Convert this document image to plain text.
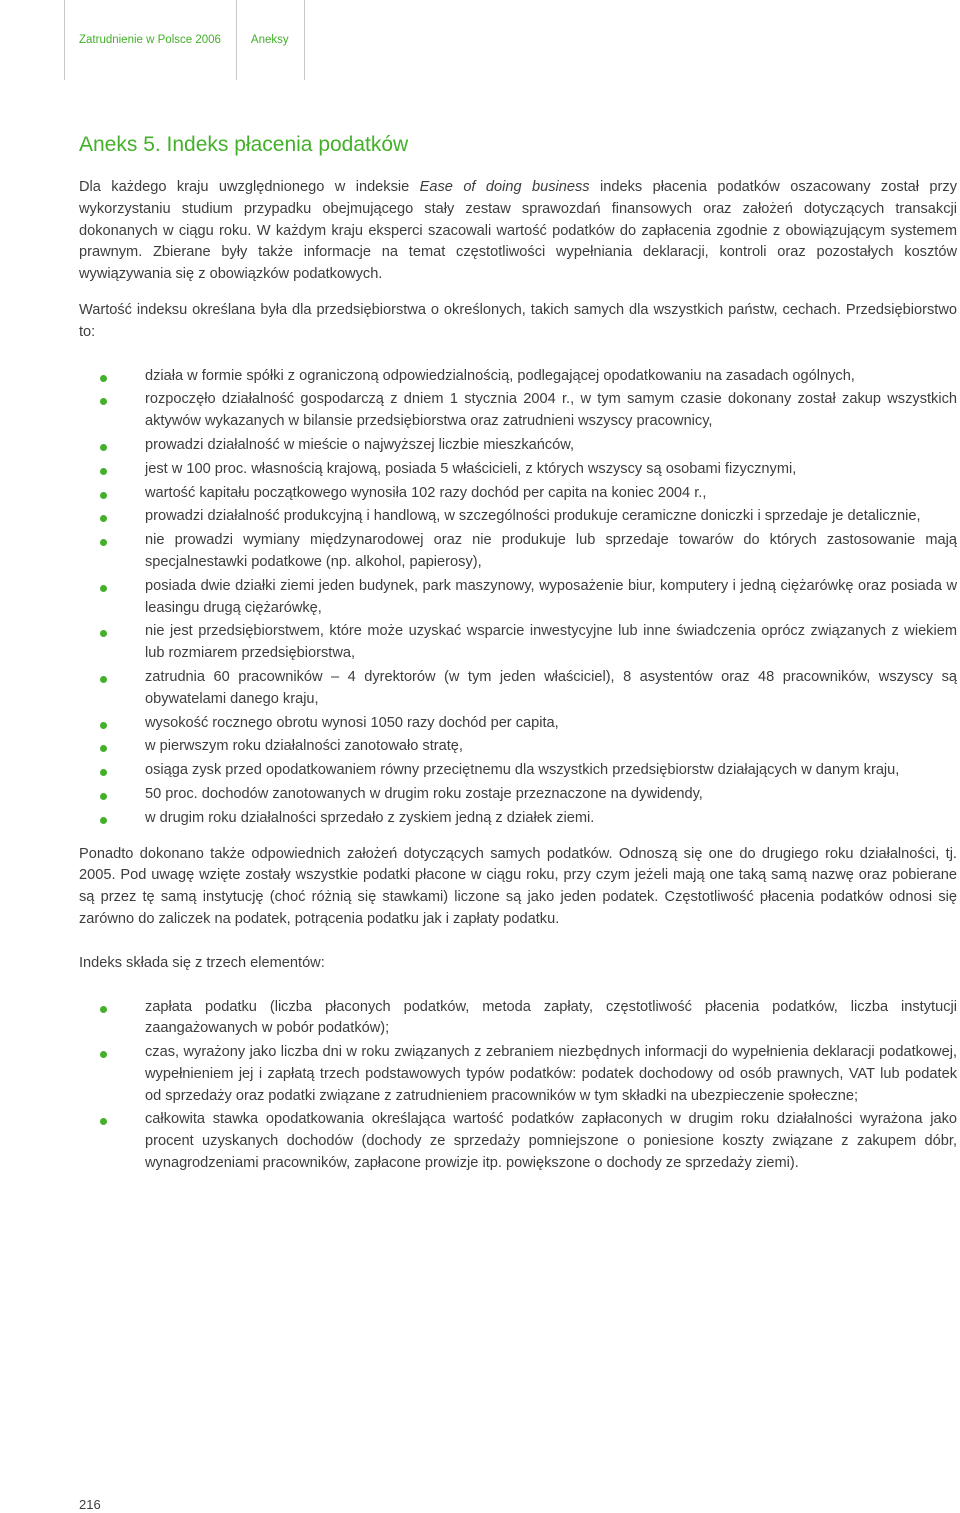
Zatrudnienie w Polsce 2006	Aneksy
Aneks 5. Indeks płacenia podatków

Dla każdego kraju uwzględnionego w indeksie Ease of doing business indeks płacenia podatków oszacowany został przy wykorzystaniu studium przypadku obejmującego stały zestaw sprawozdań finansowych oraz założeń dotyczących transakcji dokonanych w ciągu roku. W każdym kraju eksperci szacowali wartość podatków do zapłacenia zgodnie z obowiązującym systemem prawnym. Zbierane były także informacje na temat częstotliwości wypełniania deklaracji, kontroli oraz pozostałych kosztów wywiązywania się z obowiązków podatkowych.

Wartość indeksu określana była dla przedsiębiorstwa o określonych, takich samych dla wszystkich państw, cechach. Przedsiębiorstwo to:

działa w formie spółki z ograniczoną odpowiedzialnością, podlegającej opodatkowaniu na zasadach ogólnych,
rozpoczęło działalność gospodarczą z dniem 1 stycznia 2004 r., w tym samym czasie dokonany został zakup wszystkich aktywów wykazanych w bilansie przedsiębiorstwa oraz zatrudnieni wszyscy pracownicy,
prowadzi działalność w mieście o najwyższej liczbie mieszkańców,
jest w 100 proc. własnością krajową, posiada 5 właścicieli, z których wszyscy są osobami fizycznymi,
wartość kapitału początkowego wynosiła 102 razy dochód per capita na koniec 2004 r.,
prowadzi działalność produkcyjną i handlową, w szczególności produkuje ceramiczne doniczki i sprzedaje je detalicznie,
nie prowadzi wymiany międzynarodowej oraz nie produkuje lub sprzedaje towarów do których zastosowanie mają specjalnestawki podatkowe (np. alkohol, papierosy),
posiada dwie działki ziemi jeden budynek, park maszynowy, wyposażenie biur, komputery i jedną ciężarówkę oraz posiada w leasingu drugą ciężarówkę,
nie jest przedsiębiorstwem, które może uzyskać wsparcie inwestycyjne lub inne świadczenia oprócz związanych z wiekiem lub rozmiarem przedsiębiorstwa,
zatrudnia 60 pracowników – 4 dyrektorów (w tym jeden właściciel), 8 asystentów oraz 48 pracowników, wszyscy są obywatelami danego kraju,
wysokość rocznego obrotu wynosi 1050 razy dochód per capita,
w pierwszym roku działalności zanotowało stratę,
osiąga zysk przed opodatkowaniem równy przeciętnemu dla wszystkich przedsiębiorstw działających w danym kraju,
50 proc. dochodów zanotowanych w drugim roku zostaje przeznaczone na dywidendy,
w drugim roku działalności sprzedało z zyskiem jedną z działek ziemi.

Ponadto dokonano także odpowiednich założeń dotyczących samych podatków. Odnoszą się one do drugiego roku działalności, tj. 2005. Pod uwagę wzięte zostały wszystkie podatki płacone w ciągu roku, przy czym jeżeli mają one taką samą nazwę oraz pobierane są przez tę samą instytucję (choć różnią się stawkami) liczone są jako jeden podatek. Częstotliwość płacenia podatków odnosi się zarówno do zaliczek na podatek, potrącenia podatku jak i zapłaty podatku.

Indeks składa się z trzech elementów:

zapłata podatku (liczba płaconych podatków, metoda zapłaty, częstotliwość płacenia podatków, liczba instytucji zaangażowanych w pobór podatków);
czas, wyrażony jako liczba dni w roku związanych z zebraniem niezbędnych informacji do wypełnienia deklaracji podatkowej, wypełnieniem jej i zapłatą trzech podstawowych typów podatków: podatek dochodowy od osób prawnych, VAT lub podatek od sprzedaży oraz podatki związane z zatrudnieniem pracowników w tym składki na ubezpieczenie społeczne;
całkowita stawka opodatkowania określająca wartość podatków zapłaconych w drugim roku działalności wyrażona jako procent uzyskanych dochodów (dochody ze sprzedaży pomniejszone o poniesione koszty związane z zakupem dóbr, wynagrodzeniami pracowników, zapłacone prowizje itp. powiększone o dochody ze sprzedaży ziemi).
216
